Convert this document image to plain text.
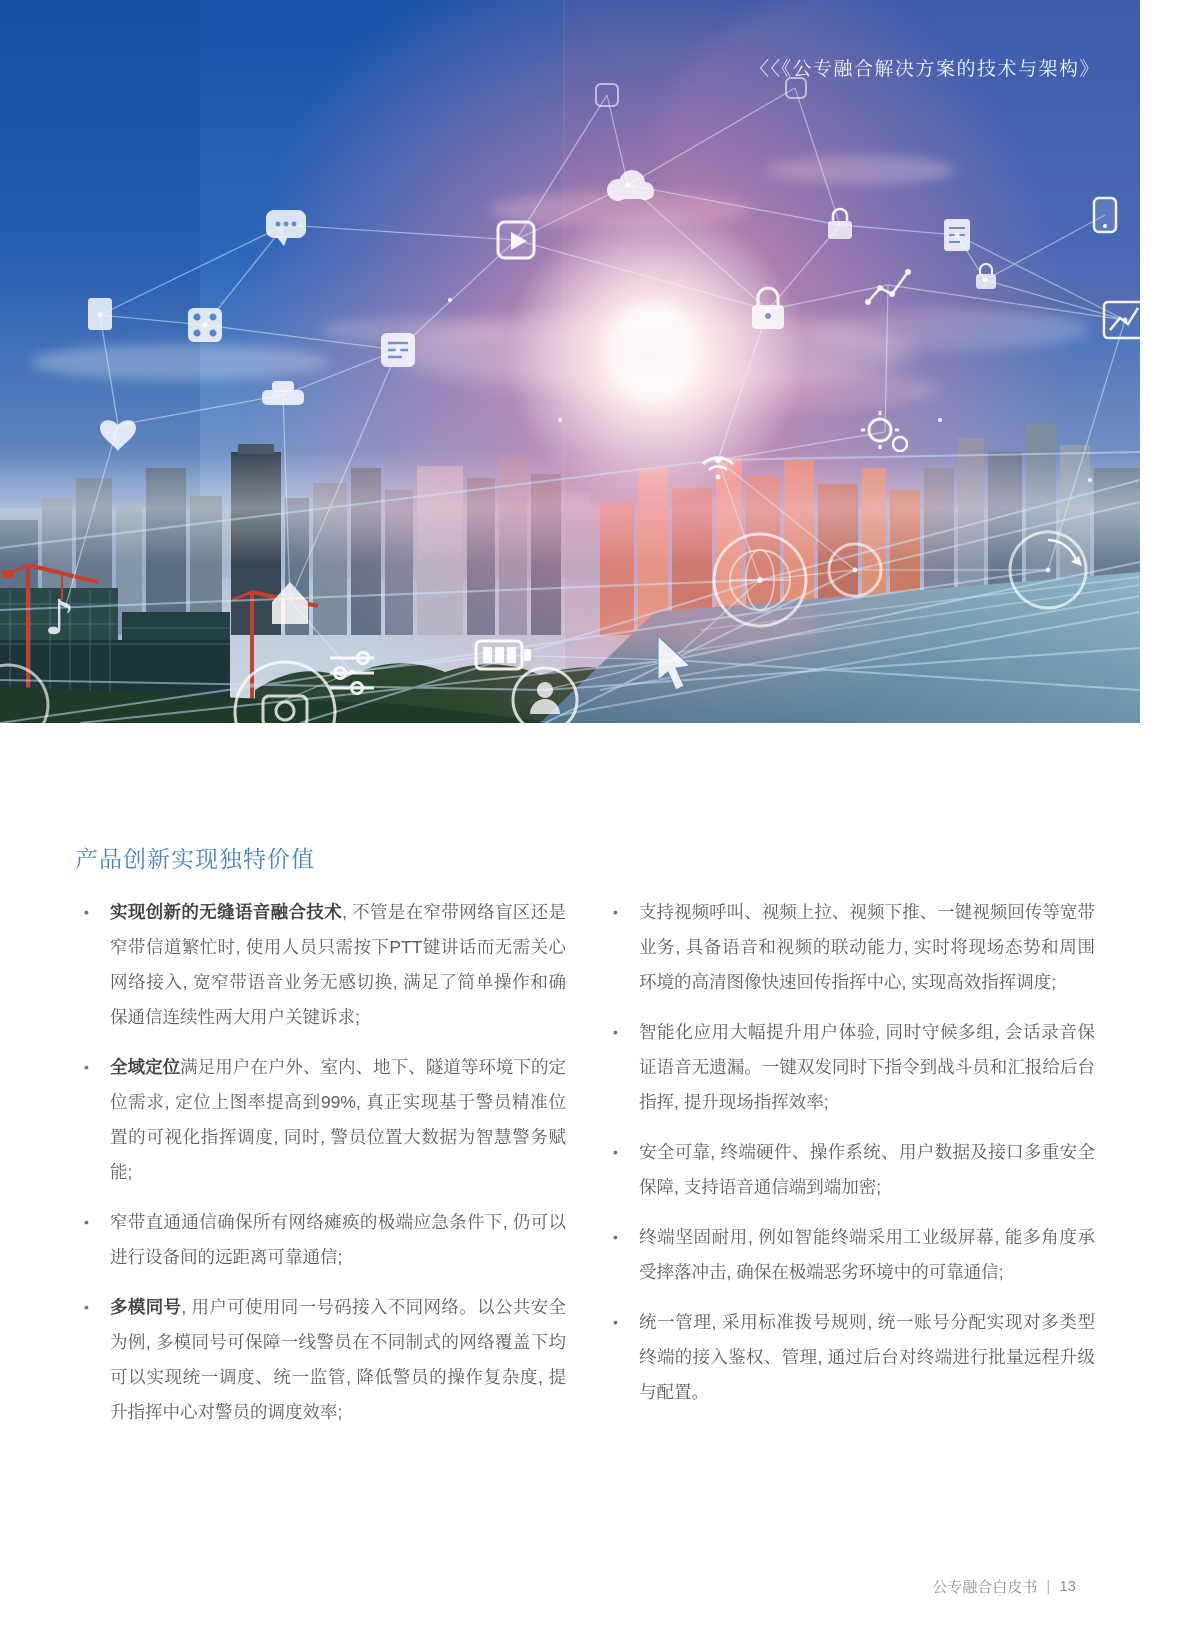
♪
〈〈《公专融合解决方案的技术与架构》
产品创新实现独特价值
•	实现创新的无缝语音融合技术, 不管是在窄带网络盲区还是窄带信道繁忙时, 使用人员只需按下PTT键讲话而无需关心网络接入, 宽窄带语音业务无感切换, 满足了简单操作和确保通信连续性两大用户关键诉求;
•	全域定位满足用户在户外、室内、地下、隧道等环境下的定位需求, 定位上图率提高到99%, 真正实现基于警员精准位置的可视化指挥调度, 同时, 警员位置大数据为智慧警务赋能;
•	窄带直通通信确保所有网络瘫痪的极端应急条件下, 仍可以进行设备间的远距离可靠通信;
•	多模同号, 用户可使用同一号码接入不同网络。以公共安全为例, 多模同号可保障一线警员在不同制式的网络覆盖下均可以实现统一调度、统一监管, 降低警员的操作复杂度, 提升指挥中心对警员的调度效率;
•	支持视频呼叫、视频上拉、视频下推、一键视频回传等宽带业务, 具备语音和视频的联动能力, 实时将现场态势和周围环境的高清图像快速回传指挥中心, 实现高效指挥调度;
•	智能化应用大幅提升用户体验, 同时守候多组, 会话录音保证语音无遗漏。一键双发同时下指令到战斗员和汇报给后台指挥, 提升现场指挥效率;
•	安全可靠, 终端硬件、操作系统、用户数据及接口多重安全保障, 支持语音通信端到端加密;
•	终端坚固耐用, 例如智能终端采用工业级屏幕, 能多角度承受摔落冲击, 确保在极端恶劣环境中的可靠通信;
•	统一管理, 采用标准拨号规则, 统一账号分配实现对多类型终端的接入鉴权、管理, 通过后台对终端进行批量远程升级与配置。
公专融合白皮书 | 13
